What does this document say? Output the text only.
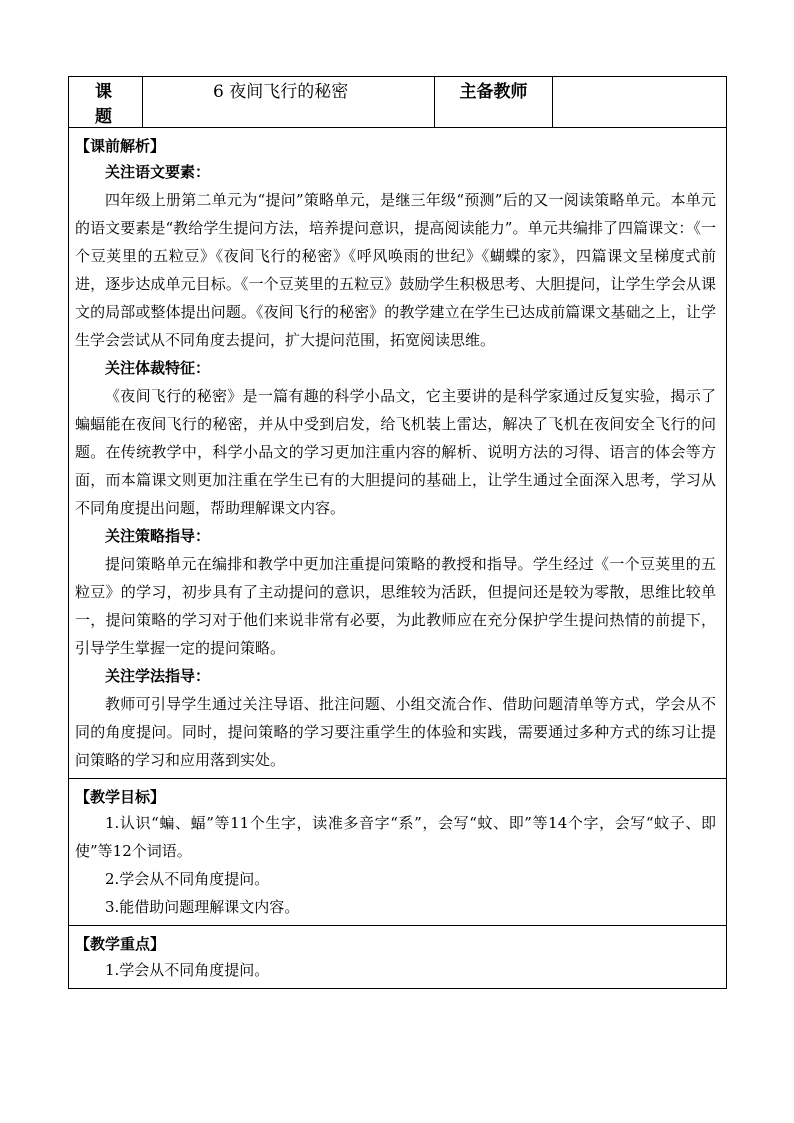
课 题	6 夜间飞行的秘密	主备教师	

【课前解析】

关注语文要素：

四年级上册第二单元为“提问”策略单元，是继三年级“预测”后的又一阅读策略单元。本单元的语文要素是“教给学生提问方法，培养提问意识，提高阅读能力”。单元共编排了四篇课文：《一个豆荚里的五粒豆》《夜间飞行的秘密》《呼风唤雨的世纪》《蝴蝶的家》，四篇课文呈梯度式前进，逐步达成单元目标。《一个豆荚里的五粒豆》鼓励学生积极思考、大胆提问，让学生学会从课文的局部或整体提出问题。《夜间飞行的秘密》的教学建立在学生已达成前篇课文基础之上，让学生学会尝试从不同角度去提问，扩大提问范围，拓宽阅读思维。

关注体裁特征：

《夜间飞行的秘密》是一篇有趣的科学小品文，它主要讲的是科学家通过反复实验，揭示了蝙蝠能在夜间飞行的秘密，并从中受到启发，给飞机装上雷达，解决了飞机在夜间安全飞行的问题。在传统教学中，科学小品文的学习更加注重内容的解析、说明方法的习得、语言的体会等方面，而本篇课文则更加注重在学生已有的大胆提问的基础上，让学生通过全面深入思考，学习从不同角度提出问题，帮助理解课文内容。

关注策略指导：

提问策略单元在编排和教学中更加注重提问策略的教授和指导。学生经过《一个豆荚里的五粒豆》的学习，初步具有了主动提问的意识，思维较为活跃，但提问还是较为零散，思维比较单一，提问策略的学习对于他们来说非常有必要，为此教师应在充分保护学生提问热情的前提下，引导学生掌握一定的提问策略。

关注学法指导：

教师可引导学生通过关注导语、批注问题、小组交流合作、借助问题清单等方式，学会从不同的角度提问。同时，提问策略的学习要注重学生的体验和实践，需要通过多种方式的练习让提问策略的学习和应用落到实处。

【教学目标】

1.认识“蝙、蝠”等11个生字，读准多音字“系”，会写“蚊、即”等14个字，会写“蚊子、即使”等12个词语。

2.学会从不同角度提问。

3.能借助问题理解课文内容。

【教学重点】

1.学会从不同角度提问。
